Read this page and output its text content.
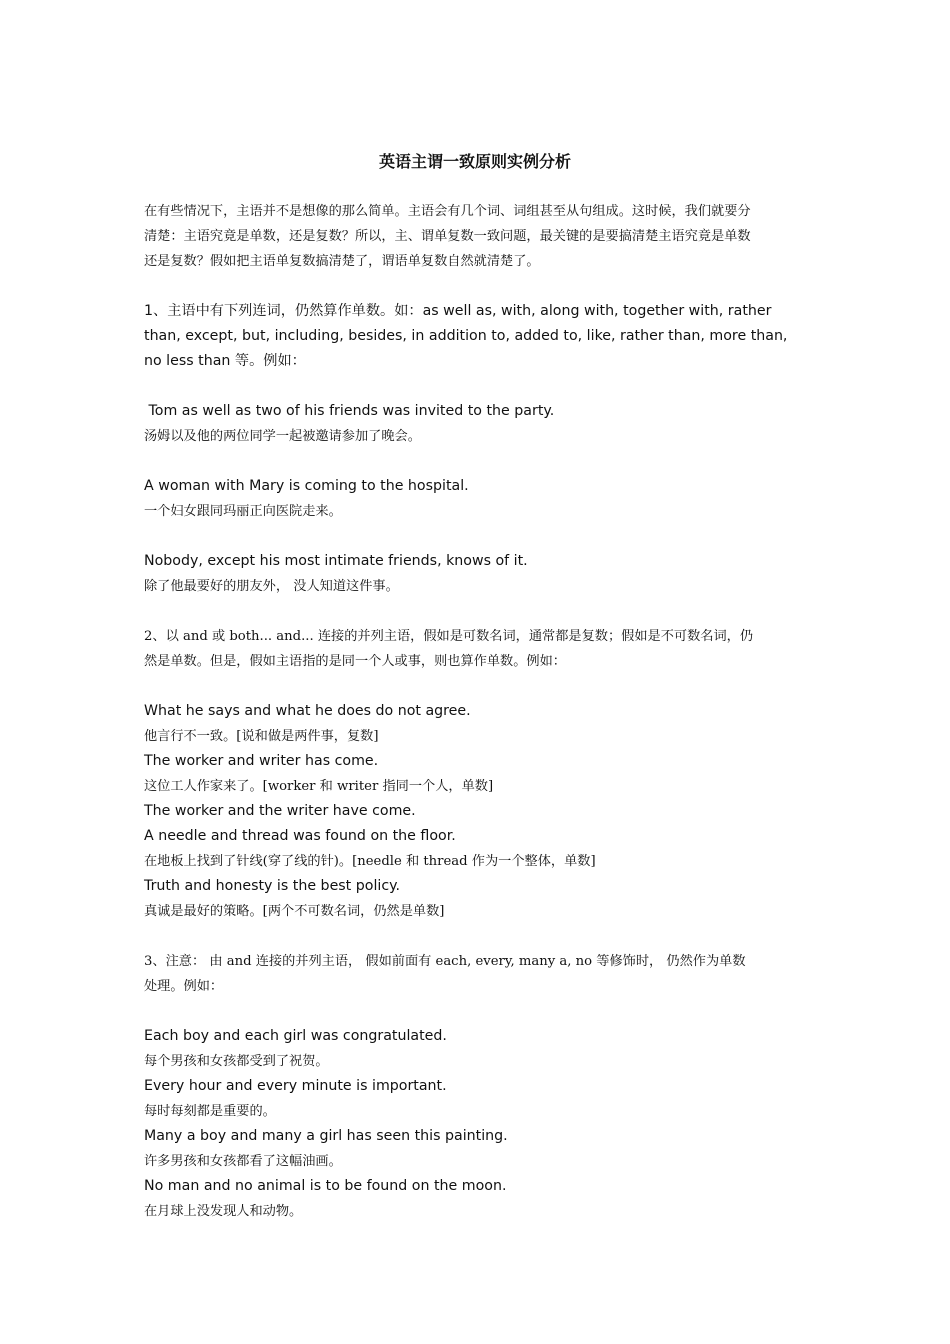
英语主谓一致原则实例分析
在有些情况下，主语并不是想像的那么简单。主语会有几个词、词组甚至从句组成。这时候，我们就要分
清楚：主语究竟是单数，还是复数？所以，主、谓单复数一致问题，最关键的是要搞清楚主语究竟是单数
还是复数？假如把主语单复数搞清楚了，谓语单复数自然就清楚了。
1、主语中有下列连词，仍然算作单数。如：as well as, with, along with, together with, rather
than, except, but, including, besides, in addition to, added to, like, rather than, more than,
no less than 等。例如：
Tom as well as two of his friends was invited to the party.
汤姆以及他的两位同学一起被邀请参加了晚会。
A woman with Mary is coming to the hospital.
一个妇女跟同玛丽正向医院走来。
Nobody, except his most intimate friends, knows of it.
除了他最要好的朋友外， 没人知道这件事。
2、以 and 或 both... and... 连接的并列主语，假如是可数名词，通常都是复数；假如是不可数名词，仍
然是单数。但是，假如主语指的是同一个人或事，则也算作单数。例如：
What he says and what he does do not agree.
他言行不一致。[说和做是两件事，复数]
The worker and writer has come.
这位工人作家来了。[worker 和 writer 指同一个人，单数]
The worker and the writer have come.
A needle and thread was found on the floor.
在地板上找到了针线(穿了线的针)。[needle 和 thread 作为一个整体，单数]
Truth and honesty is the best policy.
真诚是最好的策略。[两个不可数名词，仍然是单数]
3、注意： 由 and 连接的并列主语， 假如前面有 each, every, many a, no 等修饰时， 仍然作为单数
处理。例如：
Each boy and each girl was congratulated.
每个男孩和女孩都受到了祝贺。
Every hour and every minute is important.
每时每刻都是重要的。
Many a boy and many a girl has seen this painting.
许多男孩和女孩都看了这幅油画。
No man and no animal is to be found on the moon.
在月球上没发现人和动物。
